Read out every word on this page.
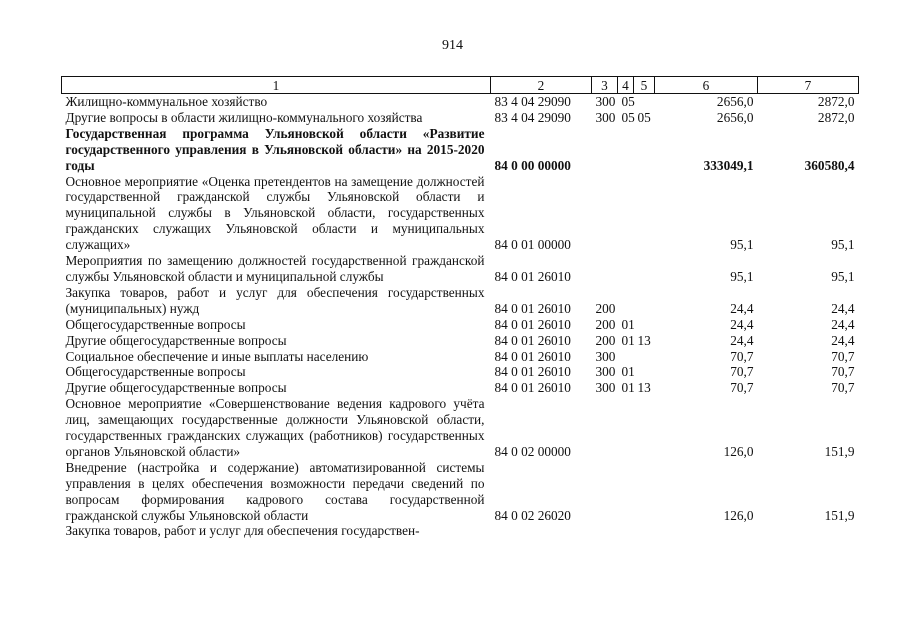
914
1	2	3	4	5	6	7
Жилищно-коммунальное хозяйство	83 4 04 29090	300	05		2656,0	2872,0
Другие вопросы в области жилищно-коммунального хозяйства	83 4 04 29090	300	05	05	2656,0	2872,0
Государственная программа Ульяновской области «Развитие государственного управления в Ульяновской области» на 2015-2020 годы	84 0 00 00000				333049,1	360580,4
Основное мероприятие «Оценка претендентов на замещение должностей государственной гражданской службы Ульяновской области и муниципальной службы в Ульяновской области, государственных гражданских служащих Ульяновской области и муниципальных служащих»	84 0 01 00000				95,1	95,1
Мероприятия по замещению должностей государственной гражданской службы Ульяновской области и муниципальной службы	84 0 01 26010				95,1	95,1
Закупка товаров, работ и услуг для обеспечения государственных (муниципальных) нужд	84 0 01 26010	200			24,4	24,4
Общегосударственные вопросы	84 0 01 26010	200	01		24,4	24,4
Другие общегосударственные вопросы	84 0 01 26010	200	01	13	24,4	24,4
Социальное обеспечение и иные выплаты населению	84 0 01 26010	300			70,7	70,7
Общегосударственные вопросы	84 0 01 26010	300	01		70,7	70,7
Другие общегосударственные вопросы	84 0 01 26010	300	01	13	70,7	70,7
Основное мероприятие «Совершенствование ведения кадрового учёта лиц, замещающих государственные должности Ульяновской области, государственных гражданских служащих (работников) государственных органов Ульяновской области»	84 0 02 00000				126,0	151,9
Внедрение (настройка и содержание) автоматизированной системы управления в целях обеспечения возможности передачи сведений по вопросам формирования кадрового состава государственной гражданской службы Ульяновской области	84 0 02 26020				126,0	151,9
Закупка товаров, работ и услуг для обеспечения государствен-						
